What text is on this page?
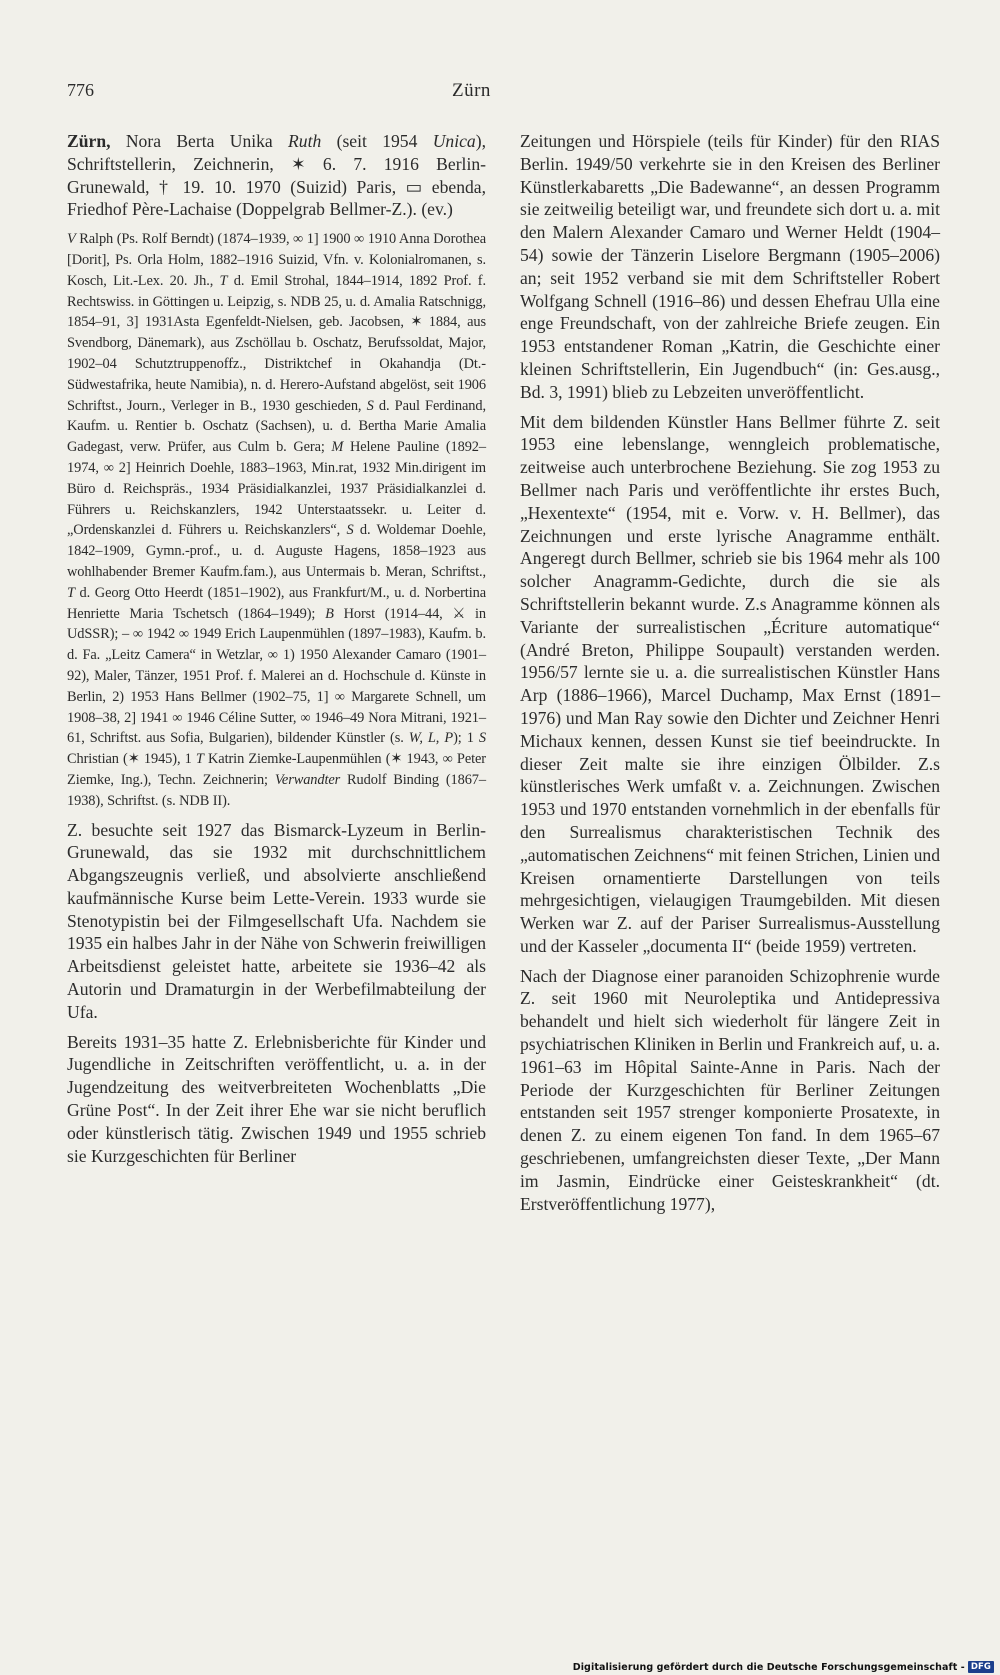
776	Zürn

Zürn, Nora Berta Unika Ruth (seit 1954 Unica), Schriftstellerin, Zeichnerin, ✶ 6. 7. 1916 Berlin-Grunewald, † 19. 10. 1970 (Suizid) Paris, ▭ ebenda, Friedhof Père-Lachaise (Doppelgrab Bellmer-Z.). (ev.)

V Ralph (Ps. Rolf Berndt) (1874–1939, ∞ 1] 1900 ∞ 1910 Anna Dorothea [Dorit], Ps. Orla Holm, 1882–1916 Suizid, Vfn. v. Kolonialromanen, s. Kosch, Lit.-Lex. 20. Jh., T d. Emil Strohal, 1844–1914, 1892 Prof. f. Rechtswiss. in Göttingen u. Leipzig, s. NDB 25, u. d. Amalia Ratschnigg, 1854–91, 3] 1931Asta Egenfeldt-Nielsen, geb. Jacobsen, ✶ 1884, aus Svendborg, Dänemark), aus Zschöllau b. Oschatz, Berufssoldat, Major, 1902–04 Schutztruppenoffz., Distriktchef in Okahandja (Dt.-Südwestafrika, heute Namibia), n. d. Herero-Aufstand abgelöst, seit 1906 Schriftst., Journ., Verleger in B., 1930 geschieden, S d. Paul Ferdinand, Kaufm. u. Rentier b. Oschatz (Sachsen), u. d. Bertha Marie Amalia Gadegast, verw. Prüfer, aus Culm b. Gera; M Helene Pauline (1892–1974, ∞ 2] Heinrich Doehle, 1883–1963, Min.rat, 1932 Min.dirigent im Büro d. Reichspräs., 1934 Präsidialkanzlei, 1937 Präsidialkanzlei d. Führers u. Reichskanzlers, 1942 Unterstaatssekr. u. Leiter d. „Ordenskanzlei d. Führers u. Reichskanzlers“, S d. Woldemar Doehle, 1842–1909, Gymn.-prof., u. d. Auguste Hagens, 1858–1923 aus wohlhabender Bremer Kaufm.fam.), aus Untermais b. Meran, Schriftst., T d. Georg Otto Heerdt (1851–1902), aus Frankfurt/M., u. d. Norbertina Henriette Maria Tschetsch (1864–1949); B Horst (1914–44, ⚔ in UdSSR); – ∞ 1942 ∞ 1949 Erich Laupenmühlen (1897–1983), Kaufm. b. d. Fa. „Leitz Camera“ in Wetzlar, ∞ 1) 1950 Alexander Camaro (1901–92), Maler, Tänzer, 1951 Prof. f. Malerei an d. Hochschule d. Künste in Berlin, 2) 1953 Hans Bellmer (1902–75, 1] ∞ Margarete Schnell, um 1908–38, 2] 1941 ∞ 1946 Céline Sutter, ∞ 1946–49 Nora Mitrani, 1921–61, Schriftst. aus Sofia, Bulgarien), bildender Künstler (s. W, L, P); 1 S Christian (✶ 1945), 1 T Katrin Ziemke-Laupenmühlen (✶ 1943, ∞ Peter Ziemke, Ing.), Techn. Zeichnerin; Verwandter Rudolf Binding (1867–1938), Schriftst. (s. NDB II).

Z. besuchte seit 1927 das Bismarck-Lyzeum in Berlin-Grunewald, das sie 1932 mit durchschnittlichem Abgangszeugnis verließ, und absolvierte anschließend kaufmännische Kurse beim Lette-Verein. 1933 wurde sie Stenotypistin bei der Filmgesellschaft Ufa. Nachdem sie 1935 ein halbes Jahr in der Nähe von Schwerin freiwilligen Arbeitsdienst geleistet hatte, arbeitete sie 1936–42 als Autorin und Dramaturgin in der Werbefilmabteilung der Ufa.

Bereits 1931–35 hatte Z. Erlebnisberichte für Kinder und Jugendliche in Zeitschriften veröffentlicht, u. a. in der Jugendzeitung des weitverbreiteten Wochenblatts „Die Grüne Post“. In der Zeit ihrer Ehe war sie nicht beruflich oder künstlerisch tätig. Zwischen 1949 und 1955 schrieb sie Kurzgeschichten für Berliner

Zeitungen und Hörspiele (teils für Kinder) für den RIAS Berlin. 1949/50 verkehrte sie in den Kreisen des Berliner Künstlerkabaretts „Die Badewanne“, an dessen Programm sie zeitweilig beteiligt war, und freundete sich dort u. a. mit den Malern Alexander Camaro und Werner Heldt (1904–54) sowie der Tänzerin Liselore Bergmann (1905–2006) an; seit 1952 verband sie mit dem Schriftsteller Robert Wolfgang Schnell (1916–86) und dessen Ehefrau Ulla eine enge Freundschaft, von der zahlreiche Briefe zeugen. Ein 1953 entstandener Roman „Katrin, die Geschichte einer kleinen Schriftstellerin, Ein Jugendbuch“ (in: Ges.ausg., Bd. 3, 1991) blieb zu Lebzeiten unveröffentlicht.

Mit dem bildenden Künstler Hans Bellmer führte Z. seit 1953 eine lebenslange, wenngleich problematische, zeitweise auch unterbrochene Beziehung. Sie zog 1953 zu Bellmer nach Paris und veröffentlichte ihr erstes Buch, „Hexentexte“ (1954, mit e. Vorw. v. H. Bellmer), das Zeichnungen und erste lyrische Anagramme enthält. Angeregt durch Bellmer, schrieb sie bis 1964 mehr als 100 solcher Anagramm-Gedichte, durch die sie als Schriftstellerin bekannt wurde. Z.s Anagramme können als Variante der surrealistischen „Écriture automatique“ (André Breton, Philippe Soupault) verstanden werden. 1956/57 lernte sie u. a. die surrealistischen Künstler Hans Arp (1886–1966), Marcel Duchamp, Max Ernst (1891–1976) und Man Ray sowie den Dichter und Zeichner Henri Michaux kennen, dessen Kunst sie tief beeindruckte. In dieser Zeit malte sie ihre einzigen Ölbilder. Z.s künstlerisches Werk umfaßt v. a. Zeichnungen. Zwischen 1953 und 1970 entstanden vornehmlich in der ebenfalls für den Surrealismus charakteristischen Technik des „automatischen Zeichnens“ mit feinen Strichen, Linien und Kreisen ornamentierte Darstellungen von teils mehrgesichtigen, vielaugigen Traumgebilden. Mit diesen Werken war Z. auf der Pariser Surrealismus-Ausstellung und der Kasseler „documenta II“ (beide 1959) vertreten.

Nach der Diagnose einer paranoiden Schizophrenie wurde Z. seit 1960 mit Neuroleptika und Antidepressiva behandelt und hielt sich wiederholt für längere Zeit in psychiatrischen Kliniken in Berlin und Frankreich auf, u. a. 1961–63 im Hôpital Sainte-Anne in Paris. Nach der Periode der Kurzgeschichten für Berliner Zeitungen entstanden seit 1957 strenger komponierte Prosatexte, in denen Z. zu einem eigenen Ton fand. In dem 1965–67 geschriebenen, umfangreichsten dieser Texte, „Der Mann im Jasmin, Eindrücke einer Geisteskrankheit“ (dt. Erstveröffentlichung 1977),

Digitalisierung gefördert durch die Deutsche Forschungsgemeinschaft - DFG
